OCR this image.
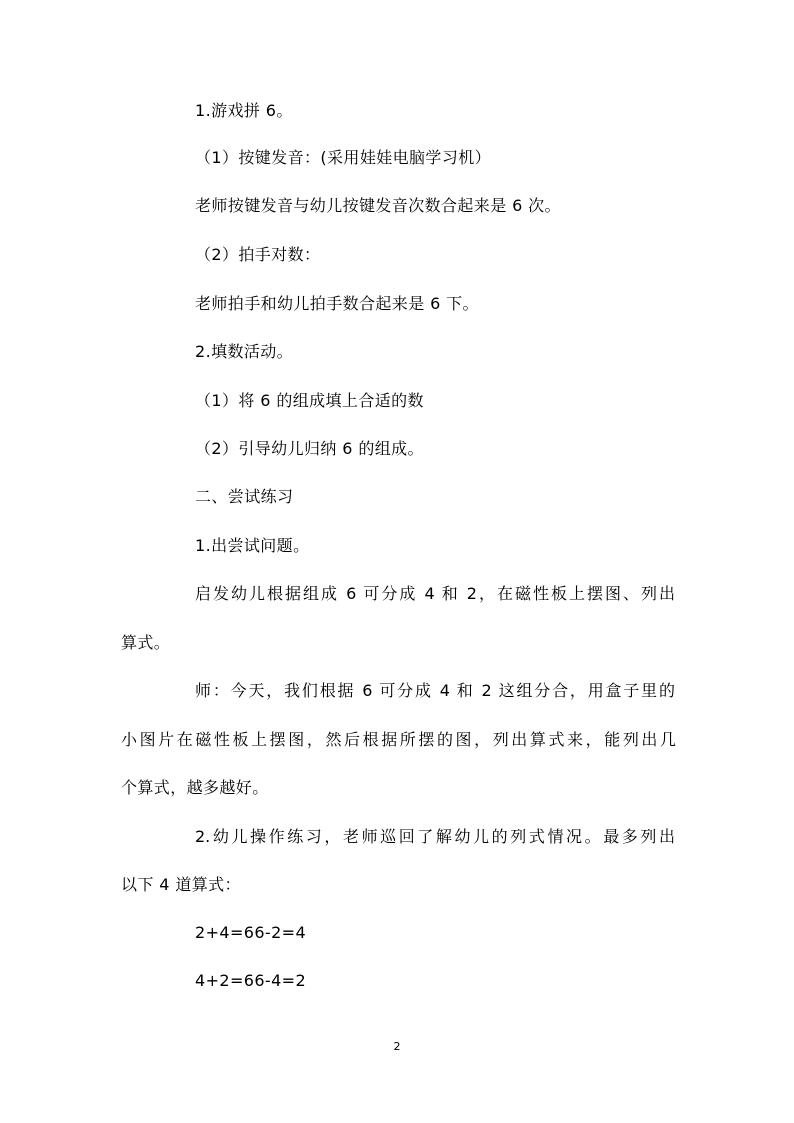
1.游戏拼 6。
（1）按键发音：(采用娃娃电脑学习机）
老师按键发音与幼儿按键发音次数合起来是 6 次。
（2）拍手对数：
老师拍手和幼儿拍手数合起来是 6 下。
2.填数活动。
（1）将 6 的组成填上合适的数
（2）引导幼儿归纳 6 的组成。
二、尝试练习
1.出尝试问题。
启发幼儿根据组成 6 可分成 4 和 2，在磁性板上摆图、列出
算式。
师：今天，我们根据 6 可分成 4 和 2 这组分合，用盒子里的
小图片在磁性板上摆图，然后根据所摆的图，列出算式来，能列出几
个算式，越多越好。
2.幼儿操作练习，老师巡回了解幼儿的列式情况。最多列出
以下 4 道算式：
2+4=66-2=4
4+2=66-4=2
2
